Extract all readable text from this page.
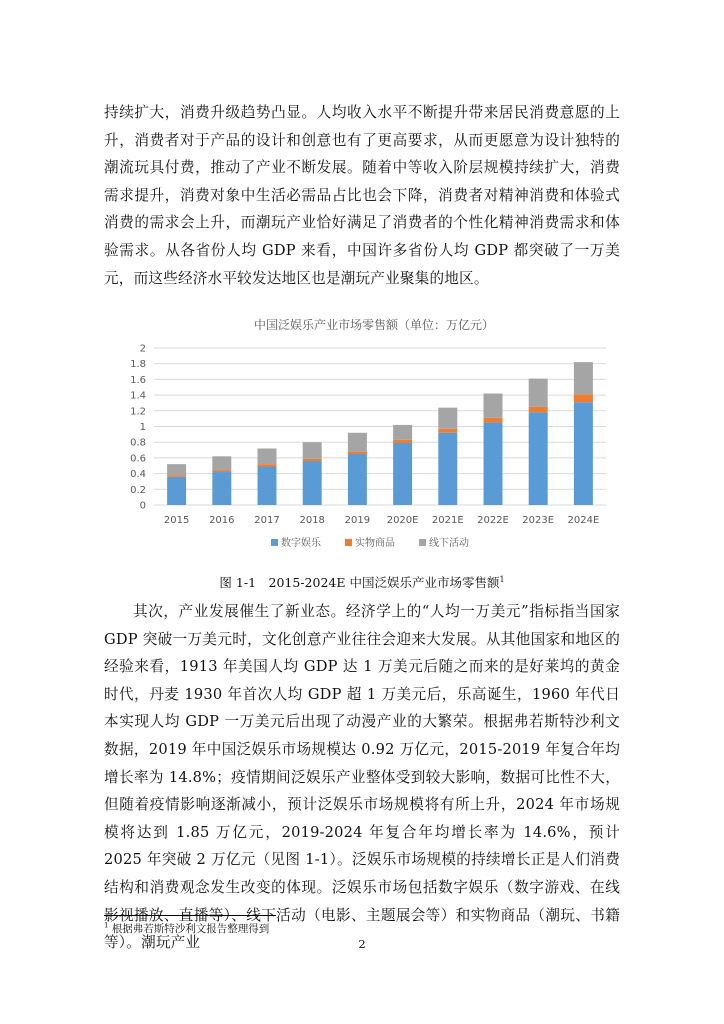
持续扩大，消费升级趋势凸显。人均收入水平不断提升带来居民消费意愿的上升，消费者对于产品的设计和创意也有了更高要求，从而更愿意为设计独特的潮流玩具付费，推动了产业不断发展。随着中等收入阶层规模持续扩大，消费需求提升，消费对象中生活必需品占比也会下降，消费者对精神消费和体验式消费的需求会上升，而潮玩产业恰好满足了消费者的个性化精神消费需求和体验需求。从各省份人均 GDP 来看，中国许多省份人均 GDP 都突破了一万美元，而这些经济水平较发达地区也是潮玩产业聚集的地区。

中国泛娱乐产业市场零售额（单位：万亿元）
0
0.2
0.4
0.6
0.8
1
1.2
1.4
1.6
1.8
2
2015 2016 2017 2018 2019 2020E 2021E 2022E 2023E 2024E
数字娱乐	实物商品	线下活动

图 1-1　2015-2024E 中国泛娱乐产业市场零售额$^1$

其次，产业发展催生了新业态。经济学上的“人均一万美元”指标指当国家 GDP 突破一万美元时，文化创意产业往往会迎来大发展。从其他国家和地区的经验来看，1913 年美国人均 GDP 达 1 万美元后随之而来的是好莱坞的黄金时代，丹麦 1930 年首次人均 GDP 超 1 万美元后，乐高诞生，1960 年代日本实现人均 GDP 一万美元后出现了动漫产业的大繁荣。根据弗若斯特沙利文数据，2019 年中国泛娱乐市场规模达 0.92 万亿元，2015-2019 年复合年均增长率为 14.8%；疫情期间泛娱乐产业整体受到较大影响，数据可比性不大，但随着疫情影响逐渐减小，预计泛娱乐市场规模将有所上升，2024 年市场规模将达到 1.85 万亿元，2019-2024 年复合年均增长率为 14.6%，预计 2025 年突破 2 万亿元（见图 1-1）。泛娱乐市场规模的持续增长正是人们消费结构和消费观念发生改变的体现。泛娱乐市场包括数字娱乐（数字游戏、在线影视播放、直播等）、线下活动（电影、主题展会等）和实物商品（潮玩、书籍等）。潮玩产业

$^1$ 根据弗若斯特沙利文报告整理得到

2
